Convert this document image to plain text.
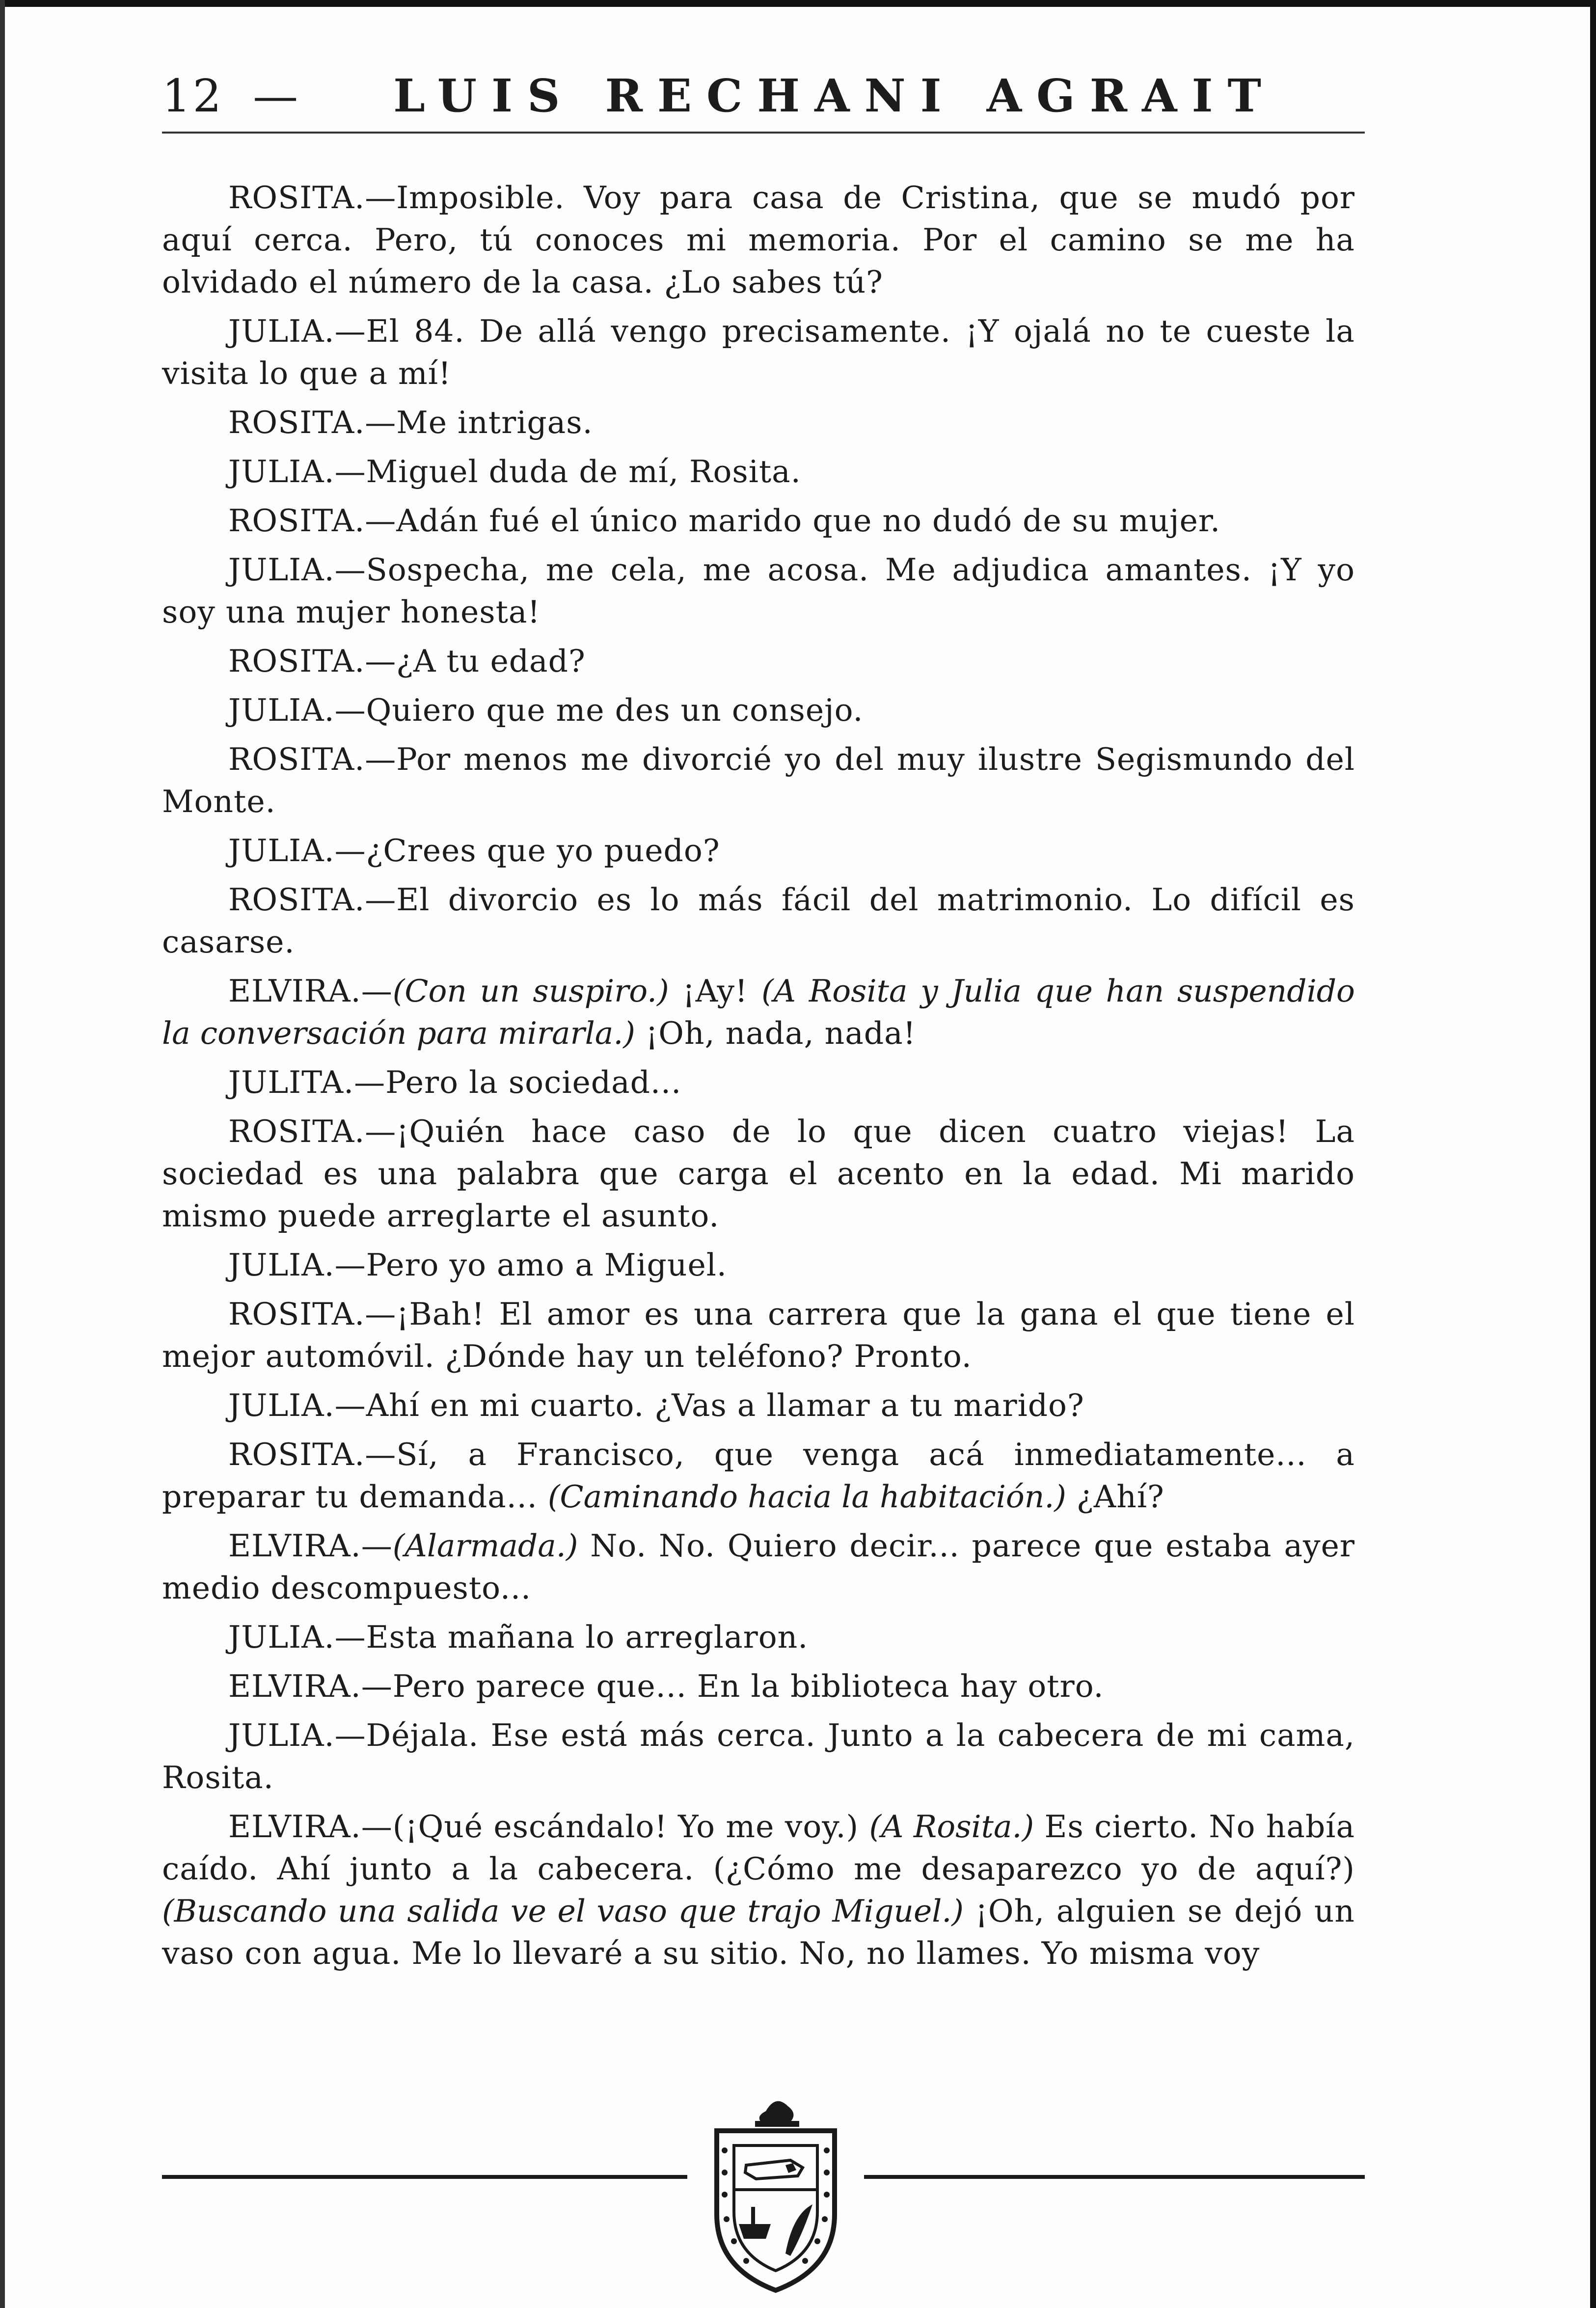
12 — LUIS RECHANI AGRAIT

ROSITA.—Imposible. Voy para casa de Cristina, que se mudó por aquí cerca. Pero, tú conoces mi memoria. Por el camino se me ha olvidado el número de la casa. ¿Lo sabes tú?

JULIA.—El 84. De allá vengo precisamente. ¡Y ojalá no te cueste la visita lo que a mí!

ROSITA.—Me intrigas.

JULIA.—Miguel duda de mí, Rosita.

ROSITA.—Adán fué el único marido que no dudó de su mujer.

JULIA.—Sospecha, me cela, me acosa. Me adjudica amantes. ¡Y yo soy una mujer honesta!

ROSITA.—¿A tu edad?

JULIA.—Quiero que me des un consejo.

ROSITA.—Por menos me divorcié yo del muy ilustre Segismundo del Monte.

JULIA.—¿Crees que yo puedo?

ROSITA.—El divorcio es lo más fácil del matrimonio. Lo difícil es casarse.

ELVIRA.—(Con un suspiro.) ¡Ay! (A Rosita y Julia que han suspendido la conversación para mirarla.) ¡Oh, nada, nada!

JULITA.—Pero la sociedad...

ROSITA.—¡Quién hace caso de lo que dicen cuatro viejas! La sociedad es una palabra que carga el acento en la edad. Mi marido mismo puede arreglarte el asunto.

JULIA.—Pero yo amo a Miguel.

ROSITA.—¡Bah! El amor es una carrera que la gana el que tiene el mejor automóvil. ¿Dónde hay un teléfono? Pronto.

JULIA.—Ahí en mi cuarto. ¿Vas a llamar a tu marido?

ROSITA.—Sí, a Francisco, que venga acá inmediatamente... a preparar tu demanda... (Caminando hacia la habitación.) ¿Ahí?

ELVIRA.—(Alarmada.) No. No. Quiero decir... parece que estaba ayer medio descompuesto...

JULIA.—Esta mañana lo arreglaron.

ELVIRA.—Pero parece que... En la biblioteca hay otro.

JULIA.—Déjala. Ese está más cerca. Junto a la cabecera de mi cama, Rosita.

ELVIRA.—(¡Qué escándalo! Yo me voy.) (A Rosita.) Es cierto. No había caído. Ahí junto a la cabecera. (¿Cómo me desaparezco yo de aquí?) (Buscando una salida ve el vaso que trajo Miguel.) ¡Oh, alguien se dejó un vaso con agua. Me lo llevaré a su sitio. No, no llames. Yo misma voy
